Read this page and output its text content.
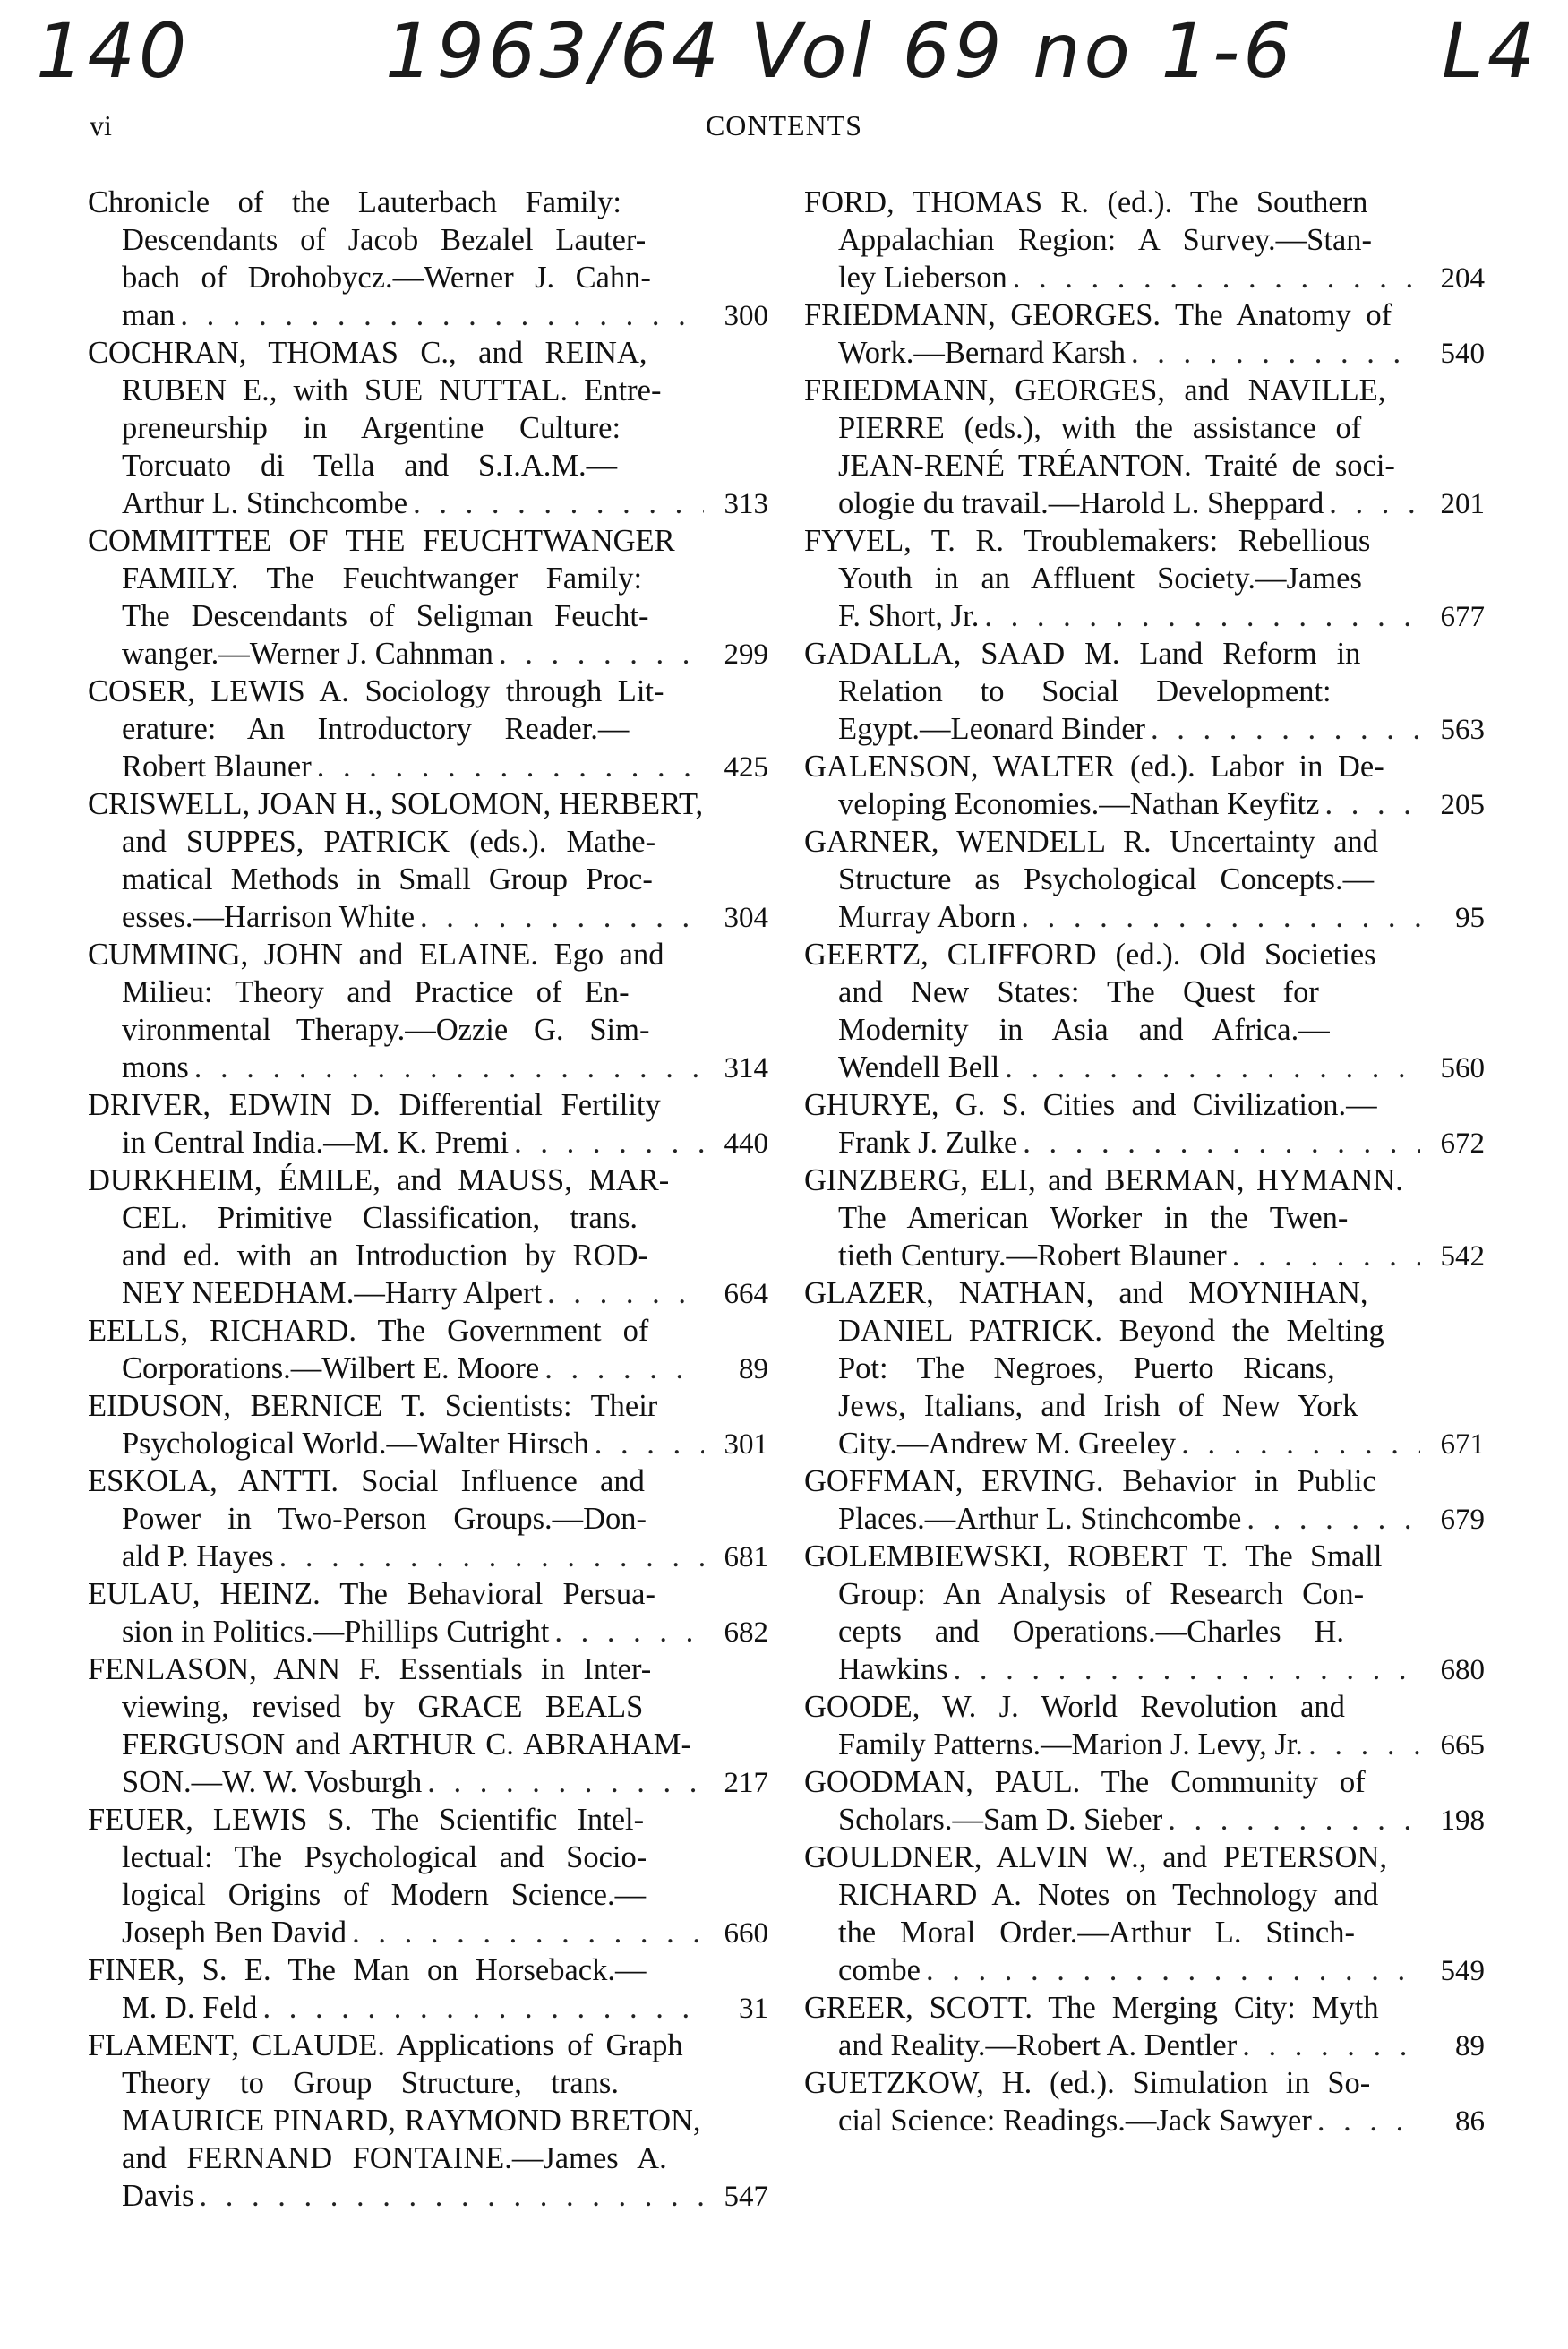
140	1963/64 Vol 69 no 1-6 L4
vi	CONTENTS
Chronicle of the Lauterbach Family:
Descendants of Jacob Bezalel Lauter-
bach of Drohobycz.—Werner J. Cahn-
man . . .	300
COCHRAN, THOMAS C., and REINA,
RUBEN E., with SUE NUTTAL. Entre-
preneurship in Argentine Culture:
Torcuato di Tella and S.I.A.M.—
Arthur L. Stinchcombe . . .	313
COMMITTEE OF THE FEUCHTWANGER
FAMILY. The Feuchtwanger Family:
The Descendants of Seligman Feucht-
wanger.—Werner J. Cahnman . . .	299
COSER, LEWIS A. Sociology through Lit-
erature: An Introductory Reader.—
Robert Blauner . . .	425
CRISWELL, JOAN H., SOLOMON, HERBERT,
and SUPPES, PATRICK (eds.). Mathe-
matical Methods in Small Group Proc-
esses.—Harrison White . . .	304
CUMMING, JOHN and ELAINE. Ego and
Milieu: Theory and Practice of En-
vironmental Therapy.—Ozzie G. Sim-
mons . . .	314
DRIVER, EDWIN D. Differential Fertility
in Central India.—M. K. Premi . . .	440
DURKHEIM, ÉMILE, and MAUSS, MAR-
CEL. Primitive Classification, trans.
and ed. with an Introduction by ROD-
NEY NEEDHAM.—Harry Alpert . . .	664
EELLS, RICHARD. The Government of
Corporations.—Wilbert E. Moore . . .	89
EIDUSON, BERNICE T. Scientists: Their
Psychological World.—Walter Hirsch . . .	301
ESKOLA, ANTTI. Social Influence and
Power in Two-Person Groups.—Don-
ald P. Hayes . . .	681
EULAU, HEINZ. The Behavioral Persua-
sion in Politics.—Phillips Cutright . . .	682
FENLASON, ANN F. Essentials in Inter-
viewing, revised by GRACE BEALS
FERGUSON and ARTHUR C. ABRAHAM-
SON.—W. W. Vosburgh . . .	217
FEUER, LEWIS S. The Scientific Intel-
lectual: The Psychological and Socio-
logical Origins of Modern Science.—
Joseph Ben David . . .	660
FINER, S. E. The Man on Horseback.—
M. D. Feld . . .	31
FLAMENT, CLAUDE. Applications of Graph
Theory to Group Structure, trans.
MAURICE PINARD, RAYMOND BRETON,
and FERNAND FONTAINE.—James A.
Davis . . .	547
FORD, THOMAS R. (ed.). The Southern
Appalachian Region: A Survey.—Stan-
ley Lieberson . . .	204
FRIEDMANN, GEORGES. The Anatomy of
Work.—Bernard Karsh . . .	540
FRIEDMANN, GEORGES, and NAVILLE,
PIERRE (eds.), with the assistance of
JEAN-RENÉ TRÉANTON. Traité de soci-
ologie du travail.—Harold L. Sheppard . . .	201
FYVEL, T. R. Troublemakers: Rebellious
Youth in an Affluent Society.—James
F. Short, Jr. . . .	677
GADALLA, SAAD M. Land Reform in
Relation to Social Development:
Egypt.—Leonard Binder . . .	563
GALENSON, WALTER (ed.). Labor in De-
veloping Economies.—Nathan Keyfitz . . .	205
GARNER, WENDELL R. Uncertainty and
Structure as Psychological Concepts.—
Murray Aborn . . .	95
GEERTZ, CLIFFORD (ed.). Old Societies
and New States: The Quest for
Modernity in Asia and Africa.—
Wendell Bell . . .	560
GHURYE, G. S. Cities and Civilization.—
Frank J. Zulke . . .	672
GINZBERG, ELI, and BERMAN, HYMANN.
The American Worker in the Twen-
tieth Century.—Robert Blauner . . .	542
GLAZER, NATHAN, and MOYNIHAN,
DANIEL PATRICK. Beyond the Melting
Pot: The Negroes, Puerto Ricans,
Jews, Italians, and Irish of New York
City.—Andrew M. Greeley . . .	671
GOFFMAN, ERVING. Behavior in Public
Places.—Arthur L. Stinchcombe . . .	679
GOLEMBIEWSKI, ROBERT T. The Small
Group: An Analysis of Research Con-
cepts and Operations.—Charles H.
Hawkins . . .	680
GOODE, W. J. World Revolution and
Family Patterns.—Marion J. Levy, Jr. . . .	665
GOODMAN, PAUL. The Community of
Scholars.—Sam D. Sieber . . .	198
GOULDNER, ALVIN W., and PETERSON,
RICHARD A. Notes on Technology and
the Moral Order.—Arthur L. Stinch-
combe . . .	549
GREER, SCOTT. The Merging City: Myth
and Reality.—Robert A. Dentler . . .	89
GUETZKOW, H. (ed.). Simulation in So-
cial Science: Readings.—Jack Sawyer . . .	86
